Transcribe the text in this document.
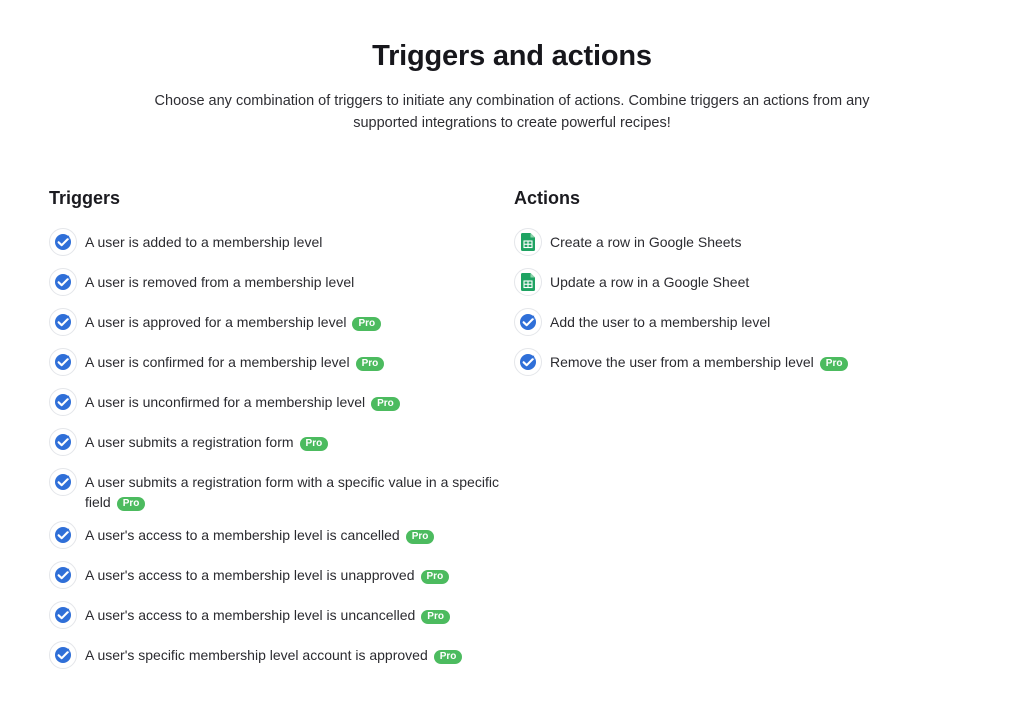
Triggers and actions

Choose any combination of triggers to initiate any combination of actions. Combine triggers an actions from any supported integrations to create powerful recipes!

Triggers
A user is added to a membership level
A user is removed from a membership level
A user is approved for a membership level Pro
A user is confirmed for a membership level Pro
A user is unconfirmed for a membership level Pro
A user submits a registration form Pro
A user submits a registration form with a specific value in a specific field Pro
A user's access to a membership level is cancelled Pro
A user's access to a membership level is unapproved Pro
A user's access to a membership level is uncancelled Pro
A user's specific membership level account is approved Pro
Actions
Create a row in Google Sheets
Update a row in a Google Sheet
Add the user to a membership level
Remove the user from a membership level Pro
